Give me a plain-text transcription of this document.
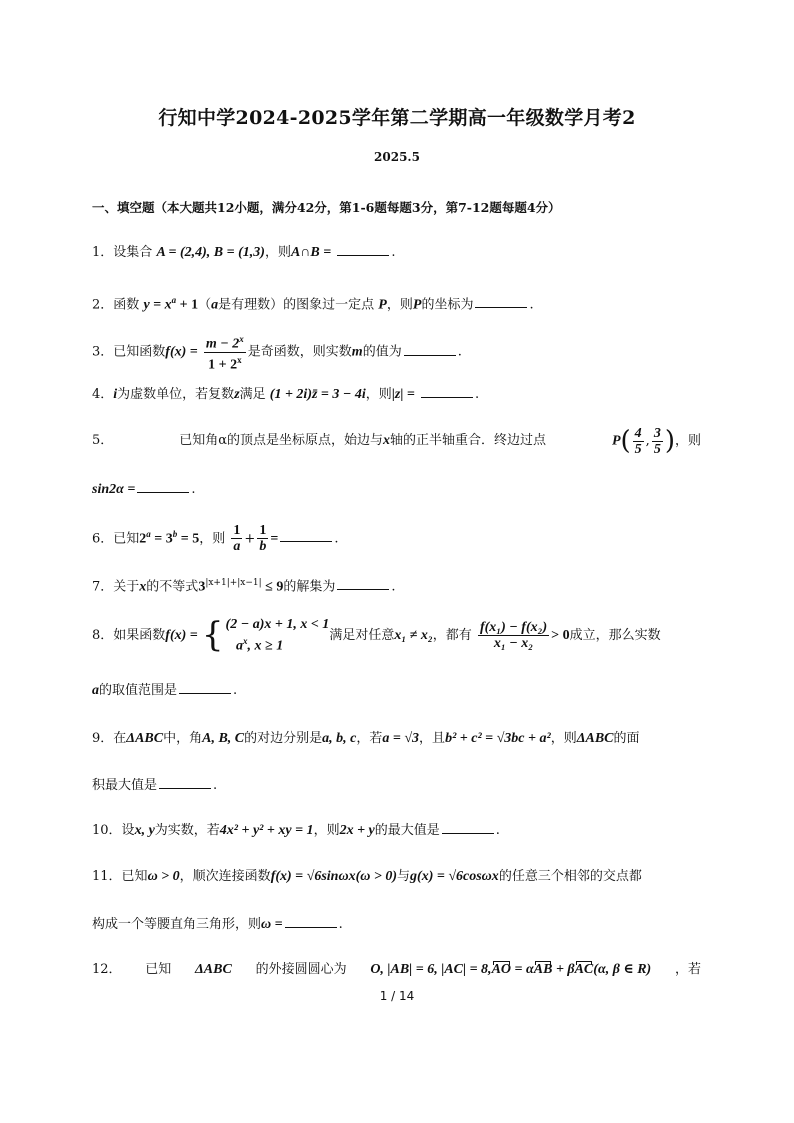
行知中学2024-2025学年第二学期高一年级数学月考2
2025.5
一、填空题（本大题共12小题，满分42分，第1-6题每题3分，第7-12题每题4分）
1．设集合 A = (2,4), B = (1,3)，则A∩B =	.
2．函数 $y = x^a + 1(a$是有理数）的图象过一定点 P，则P的坐标为	.
3．已知函数$f(x) = \frac{m - 2^x}{1 + 2^x}$ 是奇函数，则实数m的值为	.
4．i为虚数单位，若复数z满足 (1 + 2i)z̄ = 3 − 4i，则|z| =	.
5．	已知角α的顶点是坐标原点，始边与x轴的正半轴重合．终边过点	$P( \frac{4}{5}$ , $\frac{3}{5}$ )，则
sin2α =	.
6．已知$2^a = 3^b = 5$，则 $\frac{1}{a} + \frac{1}{b}$ =	.
7．关于x的不等式$3^{|x+1|+|x-1|} \le 9$的解集为	.
8．如果函数f(x) = { (2 − a)x + 1, x < 1
$a^x$, x ≥ 1
满足对任意x₁ ≠ x₂，都有 $\frac{\text{f(x₁) − f(x₂)}}{\text{x₁ − x₂}} > 0$成立，那么实数
a的取值范围是	.
9．在ΔABC中，角A, B, C的对边分别是a, b, c，若a = √3，且b² + c² = √3bc + a²，则ΔABC的面
积最大值是	.
10．设x, y为实数，若4x² + y² + xy = 1，则2x + y的最大值是	.
11．已知ω > 0，顺次连接函数f(x) = √6sinωx(ω > 0)与g(x) = √6cosωx的任意三个相邻的交点都
构成一个等腰直角三角形，则ω =	.
12． 已知 ΔABC 的外接圆圆心为 O, |AB| = 6, |AC| = 8,AO = αAB + βAC(α, β ∈ R) ，若
1 / 14
